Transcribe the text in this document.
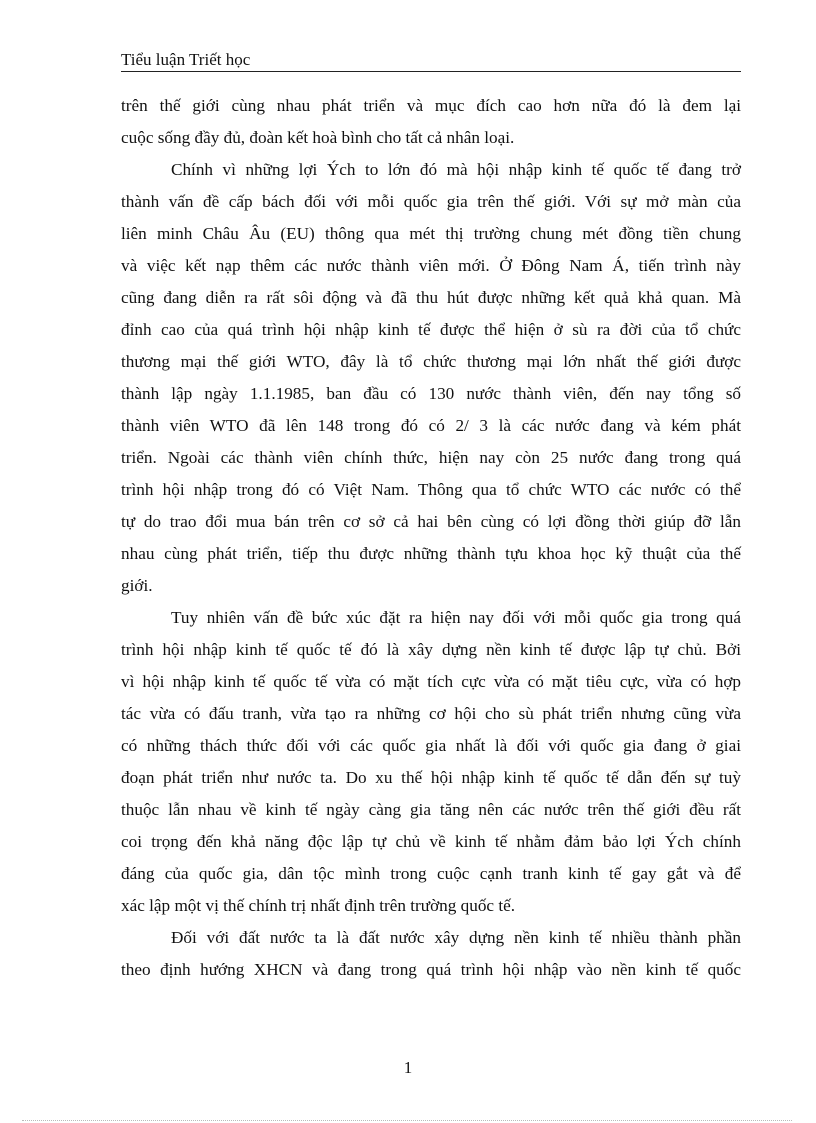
Tiểu luận Triết học
trên thế giới cùng nhau phát triển và mục đích cao hơn nữa đó là đem lại
cuộc sống đầy đủ, đoàn kết hoà bình cho tất cả nhân loại.
Chính vì những lợi Ých to lớn đó mà hội nhập kinh tế quốc tế đang trở
thành vấn đề cấp bách đối với mỗi quốc gia trên thế giới. Với sự mở màn của
liên minh Châu Âu (EU) thông qua mét thị trường chung mét đồng tiền chung
và việc kết nạp thêm các nước thành viên mới. Ở Đông Nam Á, tiến trình này
cũng đang diễn ra rất sôi động và đã thu hút được những kết quả khả quan. Mà
đỉnh cao của quá trình hội nhập kinh tế được thể hiện ở sù ra đời của tổ chức
thương mại thế giới WTO, đây là tổ chức thương mại lớn nhất thế giới được
thành lập ngày 1.1.1985, ban đầu có 130 nước thành viên, đến nay tổng số
thành viên WTO đã lên 148 trong đó có 2/ 3 là các nước đang và kém phát
triển. Ngoài các thành viên chính thức, hiện nay còn 25 nước đang trong quá
trình hội nhập trong đó có Việt Nam. Thông qua tổ chức WTO các nước có thể
tự do trao đổi mua bán trên cơ sở cả hai bên cùng có lợi đồng thời giúp đỡ lẫn
nhau cùng phát triển, tiếp thu được những thành tựu khoa học kỹ thuật của thế
giới.
Tuy nhiên vấn đề bức xúc đặt ra hiện nay đối với mỗi quốc gia trong quá
trình hội nhập kinh tế quốc tế đó là xây dựng nền kinh tế được lập tự chủ. Bởi
vì hội nhập kinh tế quốc tế vừa có mặt tích cực vừa có mặt tiêu cực, vừa có hợp
tác vừa có đấu tranh, vừa tạo ra những cơ hội cho sù phát triển nhưng cũng vừa
có những thách thức đối với các quốc gia nhất là đối với quốc gia đang ở giai
đoạn phát triển như nước ta. Do xu thế hội nhập kinh tế quốc tế dẫn đến sự tuỳ
thuộc lẫn nhau về kinh tế ngày càng gia tăng nên các nước trên thế giới đều rất
coi trọng đến khả năng độc lập tự chủ về kinh tế nhằm đảm bảo lợi Ých chính
đáng của quốc gia, dân tộc mình trong cuộc cạnh tranh kinh tế gay gắt và để
xác lập một vị thế chính trị nhất định trên trường quốc tế.
Đối với đất nước ta là đất nước xây dựng nền kinh tế nhiều thành phần
theo định hướng XHCN và đang trong quá trình hội nhập vào nền kinh tế quốc
1
